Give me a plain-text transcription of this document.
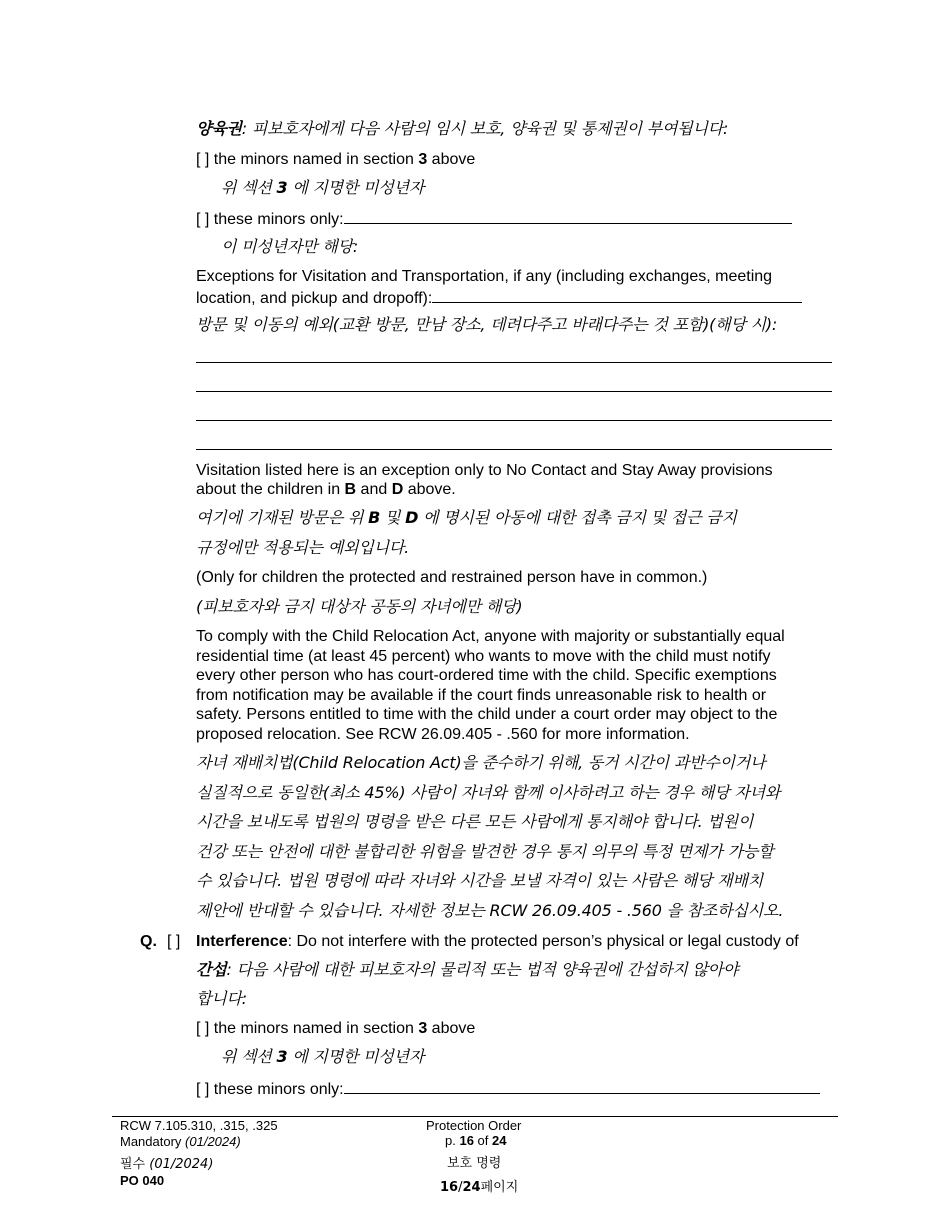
양육권: 피보호자에게 다음 사람의 임시 보호, 양육권 및 통제권이 부여됩니다:
[ ] the minors named in section 3 above
위 섹션 3 에 지명한 미성년자
[ ] these minors only:
이 미성년자만 해당:
Exceptions for Visitation and Transportation, if any (including exchanges, meeting
location, and pickup and dropoff):
방문 및 이동의 예외(교환 방문, 만남 장소, 데려다주고 바래다주는 것 포함)(해당 시):
Visitation listed here is an exception only to No Contact and Stay Away provisions
about the children in B and D above.
여기에 기재된 방문은 위 B 및 D 에 명시된 아동에 대한 접촉 금지 및 접근 금지
규정에만 적용되는 예외입니다.
(Only for children the protected and restrained person have in common.)
(피보호자와 금지 대상자 공동의 자녀에만 해당)
To comply with the Child Relocation Act, anyone with majority or substantially equal
residential time (at least 45 percent) who wants to move with the child must notify
every other person who has court-ordered time with the child. Specific exemptions
from notification may be available if the court finds unreasonable risk to health or
safety. Persons entitled to time with the child under a court order may object to the
proposed relocation. See RCW 26.09.405 - .560 for more information.
자녀 재배치법(Child Relocation Act)을 준수하기 위해, 동거 시간이 과반수이거나
실질적으로 동일한(최소 45%) 사람이 자녀와 함께 이사하려고 하는 경우 해당 자녀와
시간을 보내도록 법원의 명령을 받은 다른 모든 사람에게 통지해야 합니다. 법원이
건강 또는 안전에 대한 불합리한 위험을 발견한 경우 통지 의무의 특정 면제가 가능할
수 있습니다. 법원 명령에 따라 자녀와 시간을 보낼 자격이 있는 사람은 해당 재배치
제안에 반대할 수 있습니다. 자세한 정보는 RCW 26.09.405 - .560 을 참조하십시오.
Q. [ ] Interference: Do not interfere with the protected person’s physical or legal custody of
간섭: 다음 사람에 대한 피보호자의 물리적 또는 법적 양육권에 간섭하지 않아야
합니다:
[ ] the minors named in section 3 above
위 섹션 3 에 지명한 미성년자
[ ] these minors only:
RCW 7.105.310, .315, .325
Mandatory (01/2024)
필수 (01/2024)
PO 040
Protection Order
p. 16 of 24
보호 명령
16/24페이지
